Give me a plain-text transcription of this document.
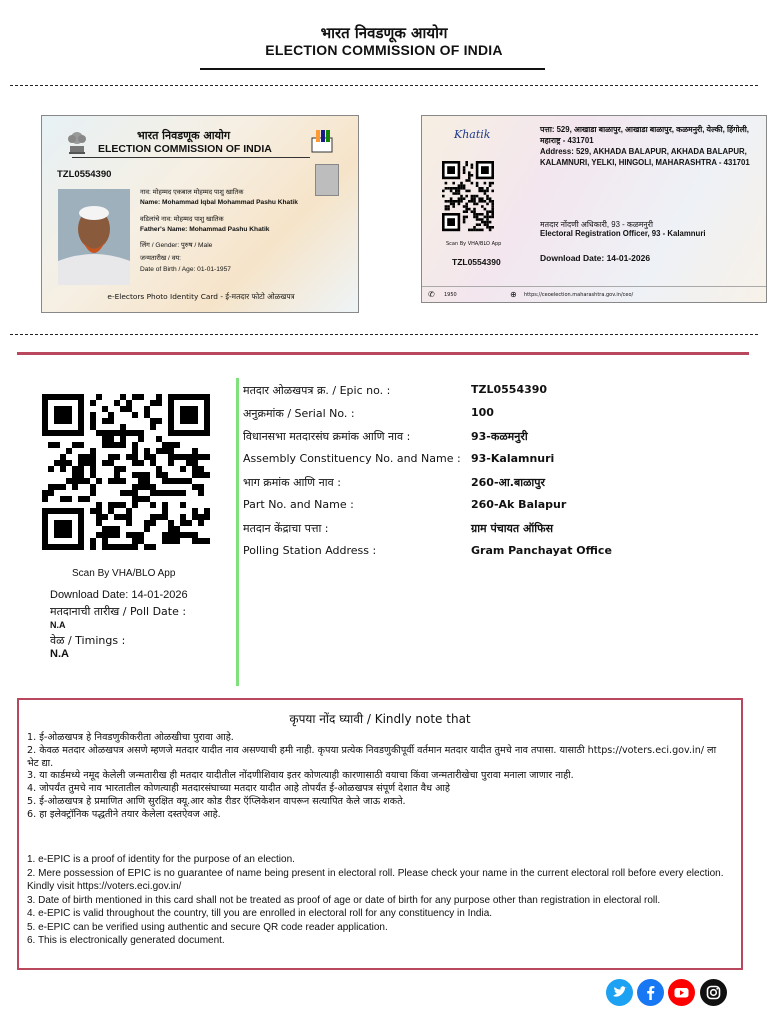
भारत निवडणूक आयोग
ELECTION COMMISSION OF INDIA
भारत निवडणूक आयोग
ELECTION COMMISSION OF INDIA
TZL0554390
नाव: मोहम्मद एकबाल मोहम्मद पाशु खातिक
Name: Mohammad Iqbal Mohammad Pashu Khatik
वडिलांचे नाव: मोहम्मद पाशु खातिक
Father's Name: Mohammad Pashu Khatik
लिंग / Gender: पुरुष / Male
जन्मतारीख / वय:
Date of Birth / Age: 01-01-1957
e-Electors Photo Identity Card - ई-मतदार फोटो ओळखपत्र
Khatik
Scan By VHA/BLO App
TZL0554390
पत्ता: 529, आखाडा बाळापुर, आखाडा बाळापुर, कळमनुरी, येल्की, हिंगोली, महाराष्ट्र - 431701
Address: 529, AKHADA BALAPUR, AKHADA BALAPUR, KALAMNURI, YELKI, HINGOLI, MAHARASHTRA - 431701
मतदार नोंदणी अधिकारी, 93 - कळमनुरी
Electoral Registration Officer, 93 - Kalamnuri
Download Date: 14-01-2026
✆ 1950	⊕ https://ceoelection.maharashtra.gov.in/ceo/
Scan By VHA/BLO App
Download Date: 14-01-2026
मतदानाची तारीख / Poll Date :
N.A
वेळ / Timings :
N.A
मतदार ओळखपत्र क्र. / Epic no. :	TZL0554390
अनुक्रमांक / Serial No. :	100
विधानसभा मतदारसंघ क्रमांक आणि नाव :	93-कळमनुरी
Assembly Constituency No. and Name : 93-Kalamnuri
भाग क्रमांक आणि नाव :	260-आ.बाळापुर
Part No. and Name :	260-Ak Balapur
मतदान केंद्राचा पत्ता :	ग्राम पंचायत ऑफिस
Polling Station Address :	Gram Panchayat Office
कृपया नोंद घ्यावी / Kindly note that
1. ई-ओळखपत्र हे निवडणुकीकरीता ओळखीचा पुरावा आहे.
2. केवळ मतदार ओळखपत्र असणे म्हणजे मतदार यादीत नाव असण्याची हमी नाही. कृपया प्रत्येक निवडणुकीपूर्वी वर्तमान मतदार यादीत तुमचे नाव तपासा. यासाठी https://voters.eci.gov.in/ ला भेट द्या.
3. या कार्डमध्ये नमूद केलेली जन्मतारीख ही मतदार यादीतील नोंदणीशिवाय इतर कोणत्याही कारणासाठी वयाचा किंवा जन्मतारीखेचा पुरावा मनाला जाणार नाही.
4. जोपर्यंत तुमचे नाव भारतातील कोणत्याही मतदारसंघाच्या मतदार यादीत आहे तोपर्यंत ई-ओळखपत्र संपूर्ण देशात वैध आहे
5. ई-ओळखपत्र हे प्रमाणित आणि सुरक्षित क्यू.आर कोड रीडर ऍप्लिकेशन वापरून सत्यापित केले जाऊ शकते.
6. हा इलेक्ट्रॉनिक पद्धतीने तयार केलेला दस्तऐवज आहे.
1. e-EPIC is a proof of identity for the purpose of an election.
2. Mere possession of EPIC is no guarantee of name being present in electoral roll. Please check your name in the current electoral roll before every election. Kindly visit https://voters.eci.gov.in/
3. Date of birth mentioned in this card shall not be treated as proof of age or date of birth for any purpose other than registration in electoral roll.
4. e-EPIC is valid throughout the country, till you are enrolled in electoral roll for any constituency in India.
5. e-EPIC can be verified using authentic and secure QR code reader application.
6. This is electronically generated document.
